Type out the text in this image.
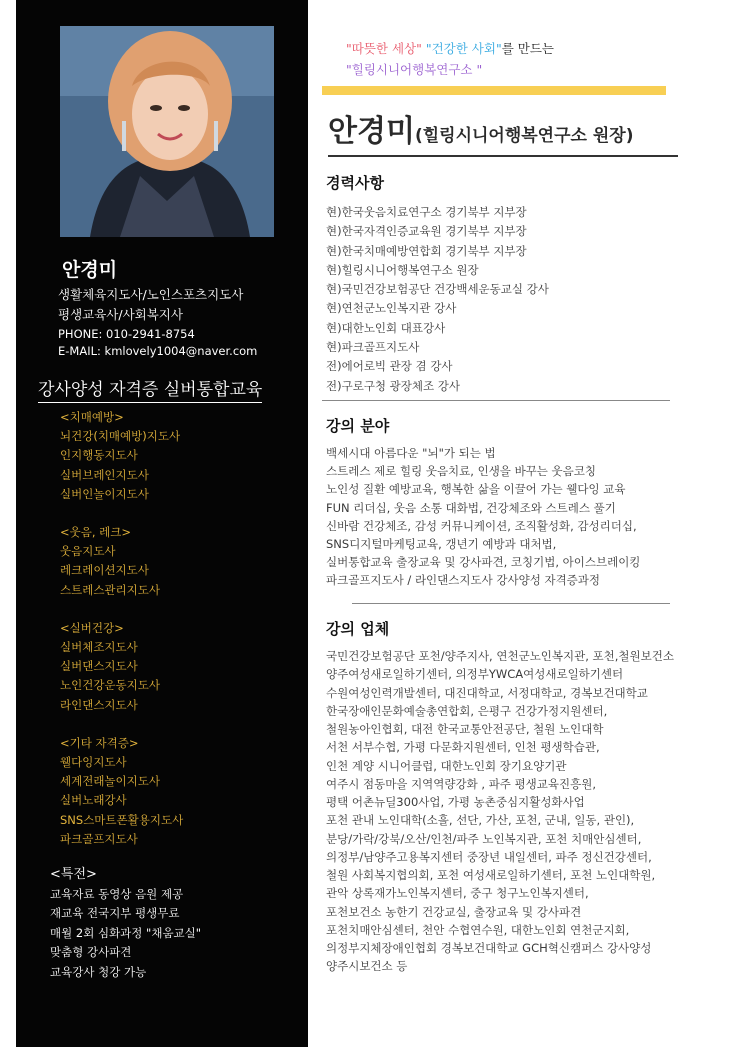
안경미
생활체육지도사/노인스포츠지도사
평생교육사/사회복지사
PHONE: 010-2941-8754
E-MAIL: kmlovely1004@naver.com
강사양성 자격증 실버통합교육
<치매예방>
뇌건강(치매예방)지도사
인지행동지도사
실버브레인지도사
실버인놀이지도사
<웃음, 레크>
웃음지도사
레크레이션지도사
스트레스관리지도사
<실버건강>
실버체조지도사
실버댄스지도사
노인건강운동지도사
라인댄스지도사
<기타 자격증>
웰다잉지도사
세계전래놀이지도사
실버노래강사
SNS스마트폰활용지도사
파크골프지도사
<특전>
교육자료 동영상 음원 제공
재교육 전국지부 평생무료
매월 2회 심화과정 "채움교실"
맞춤형 강사파견
교육강사 청강 가능
"따뜻한 세상" "건강한 사회"를 만드는
"힐링시니어행복연구소 "
안경미(힐링시니어행복연구소 원장)
경력사항
현)한국웃음치료연구소 경기북부 지부장
현)한국자격인증교육원 경기북부 지부장
현)한국치매예방연합회 경기북부 지부장
현)힐링시니어행복연구소 원장
현)국민건강보험공단 건강백세운동교실 강사
현)연천군노인복지관 강사
현)대한노인회 대표강사
현)파크골프지도사
전)에어로빅 관장 겸 강사
전)구로구청 광장체조 강사
강의 분야
백세시대 아름다운 "뇌"가 되는 법
스트레스 제로 힐링 웃음치료, 인생을 바꾸는 웃음코칭
노인성 질환 예방교육, 행복한 삶을 이끌어 가는 웰다잉 교육
FUN 리더십, 웃음 소통 대화법, 건강체조와 스트레스 풀기
신바람 건강체조, 감성 커뮤니케이션, 조직활성화, 감성리더십,
SNS디지털마케팅교육, 갱년기 예방과 대처법,
실버통합교육 출장교육 및 강사파견, 코칭기법, 아이스브레이킹
파크골프지도사 / 라인댄스지도사 강사양성 자격증과정
강의 업체
국민건강보험공단 포천/양주지사, 연천군노인복지관, 포천,철원보건소
양주여성새로일하기센터, 의정부YWCA여성새로일하기센터
수원여성인력개발센터, 대진대학교, 서정대학교, 경복보건대학교
한국장애인문화예술총연합회, 은평구 건강가정지원센터,
철원농아인협회, 대전 한국교통안전공단, 철원 노인대학
서천 서부수협, 가평 다문화지원센터, 인천 평생학습관,
인천 계양 시니어클럽, 대한노인회 장기요양기관
여주시 점동마을 지역역량강화 , 파주 평생교육진흥원,
평택 어촌뉴딜300사업, 가평 농촌중심지활성화사업
포천 관내 노인대학(소흘, 선단, 가산, 포천, 군내, 일동, 관인),
분당/가락/강북/오산/인천/파주 노인복지관, 포천 치매안심센터,
의정부/남양주고용복지센터 중장년 내일센터, 파주 정신건강센터,
철원 사회복지협의회, 포천 여성새로일하기센터, 포천 노인대학원,
관악 상록재가노인복지센터, 중구 청구노인복지센터,
포천보건소 농한기 건강교실, 출장교육 및 강사파견
포천치매안심센터, 천안 수협연수원, 대한노인회 연천군지회,
의정부지체장애인협회 경복보건대학교 GCH혁신캠퍼스 강사양성
양주시보건소 등
